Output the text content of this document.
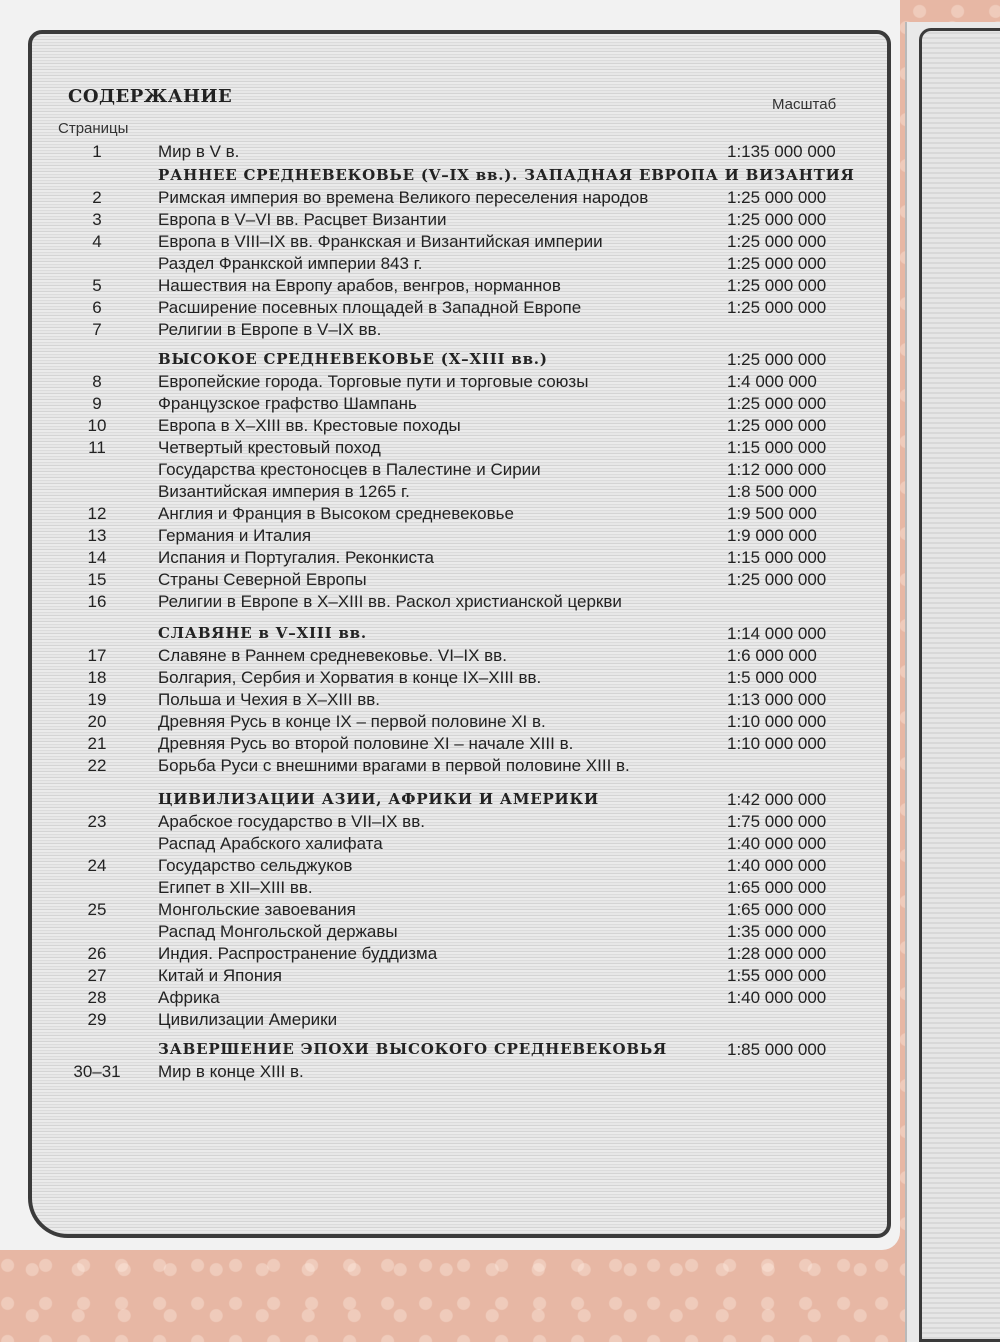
СОДЕРЖАНИЕ	Масштаб
Страницы
1	Мир в V в.	1:135 000 000
РАННЕЕ СРЕДНЕВЕКОВЬЕ (V–IX вв.). ЗАПАДНАЯ ЕВРОПА И ВИЗАНТИЯ
2	Римская империя во времена Великого переселения народов	1:25 000 000
3	Европа в V–VI вв. Расцвет Византии	1:25 000 000
4	Европа в VIII–IX вв. Франкская и Византийская империи	1:25 000 000
Раздел Франкской империи 843 г.	1:25 000 000
5	Нашествия на Европу арабов, венгров, норманнов	1:25 000 000
6	Расширение посевных площадей в Западной Европе	1:25 000 000
7	Религии в Европе в V–IX вв.
ВЫСОКОЕ СРЕДНЕВЕКОВЬЕ (X–XIII вв.)	1:25 000 000
8	Европейские города. Торговые пути и торговые союзы	1:4 000 000
9	Французское графство Шампань	1:25 000 000
10	Европа в X–XIII вв. Крестовые походы	1:25 000 000
11	Четвертый крестовый поход	1:15 000 000
Государства крестоносцев в Палестине и Сирии	1:12 000 000
Византийская империя в 1265 г.	1:8 500 000
12	Англия и Франция в Высоком средневековье	1:9 500 000
13	Германия и Италия	1:9 000 000
14	Испания и Португалия. Реконкиста	1:15 000 000
15	Страны Северной Европы	1:25 000 000
16	Религии в Европе в X–XIII вв. Раскол христианской церкви
СЛАВЯНЕ в V–XIII вв.	1:14 000 000
17	Славяне в Раннем средневековье. VI–IX вв.	1:6 000 000
18	Болгария, Сербия и Хорватия в конце IX–XIII вв.	1:5 000 000
19	Польша и Чехия в X–XIII вв.	1:13 000 000
20	Древняя Русь в конце IX – первой половине XI в.	1:10 000 000
21	Древняя Русь во второй половине XI – начале XIII в.	1:10 000 000
22	Борьба Руси с внешними врагами в первой половине XIII в.
ЦИВИЛИЗАЦИИ АЗИИ, АФРИКИ И АМЕРИКИ	1:42 000 000
23	Арабское государство в VII–IX вв.	1:75 000 000
Распад Арабского халифата	1:40 000 000
24	Государство сельджуков	1:40 000 000
Египет в XII–XIII вв.	1:65 000 000
25	Монгольские завоевания	1:65 000 000
Распад Монгольской державы	1:35 000 000
26	Индия. Распространение буддизма	1:28 000 000
27	Китай и Япония	1:55 000 000
28	Африка	1:40 000 000
29	Цивилизации Америки
ЗАВЕРШЕНИЕ ЭПОХИ ВЫСОКОГО СРЕДНЕВЕКОВЬЯ	1:85 000 000
30–31	Мир в конце XIII в.
